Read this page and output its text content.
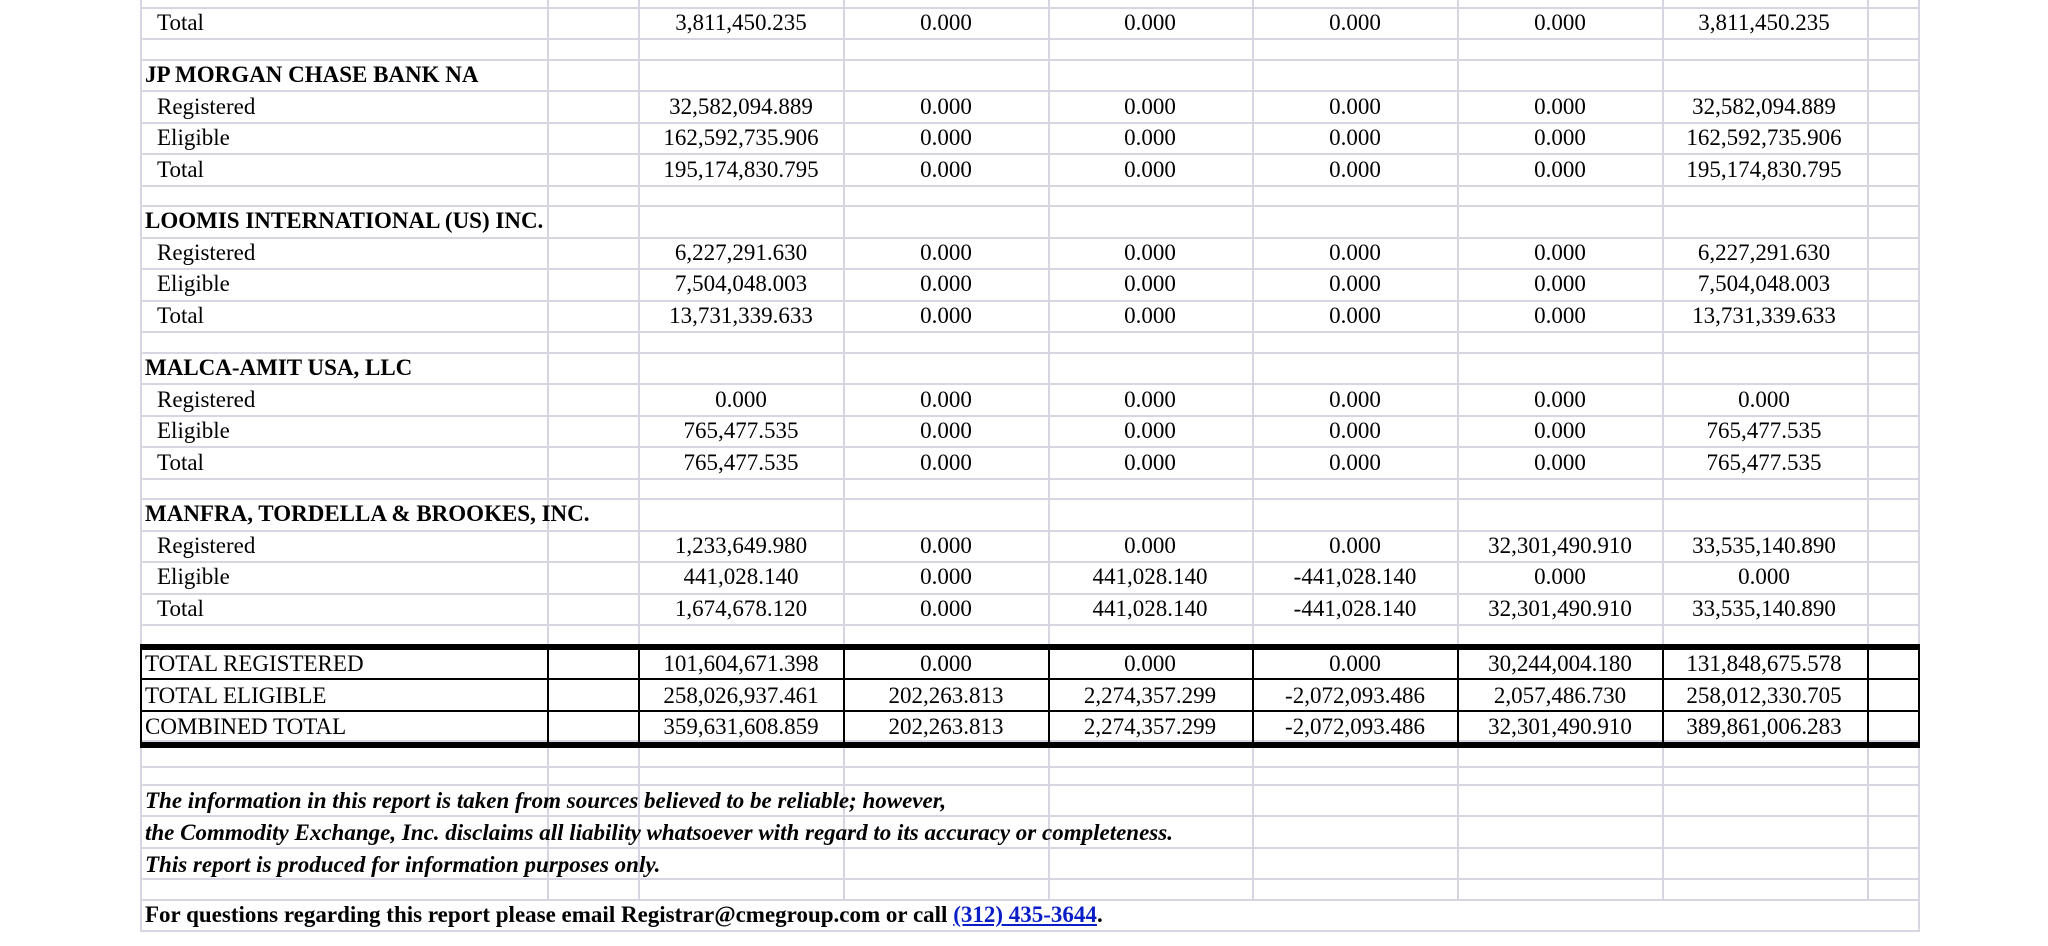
Total	3,811,450.235	0.000	0.000	0.000	0.000	3,811,450.235
JP MORGAN CHASE BANK NA
Registered	32,582,094.889	0.000	0.000	0.000	0.000	32,582,094.889
Eligible	162,592,735.906	0.000	0.000	0.000	0.000	162,592,735.906
Total	195,174,830.795	0.000	0.000	0.000	0.000	195,174,830.795
LOOMIS INTERNATIONAL (US) INC.
Registered	6,227,291.630	0.000	0.000	0.000	0.000	6,227,291.630
Eligible	7,504,048.003	0.000	0.000	0.000	0.000	7,504,048.003
Total	13,731,339.633	0.000	0.000	0.000	0.000	13,731,339.633
MALCA-AMIT USA, LLC
Registered	0.000	0.000	0.000	0.000	0.000	0.000
Eligible	765,477.535	0.000	0.000	0.000	0.000	765,477.535
Total	765,477.535	0.000	0.000	0.000	0.000	765,477.535
MANFRA, TORDELLA & BROOKES, INC.
Registered	1,233,649.980	0.000	0.000	0.000	32,301,490.910	33,535,140.890
Eligible	441,028.140	0.000	441,028.140	-441,028.140	0.000	0.000
Total	1,674,678.120	0.000	441,028.140	-441,028.140	32,301,490.910	33,535,140.890
TOTAL REGISTERED	101,604,671.398	0.000	0.000	0.000	30,244,004.180	131,848,675.578
TOTAL ELIGIBLE	258,026,937.461	202,263.813	2,274,357.299	-2,072,093.486	2,057,486.730	258,012,330.705
COMBINED TOTAL	359,631,608.859	202,263.813	2,274,357.299	-2,072,093.486	32,301,490.910	389,861,006.283
The information in this report is taken from sources believed to be reliable; however,
the Commodity Exchange, Inc. disclaims all liability whatsoever with regard to its accuracy or completeness.
This report is produced for information purposes only.
For questions regarding this report please email Registrar@cmegroup.com or call (312) 435-3644.
